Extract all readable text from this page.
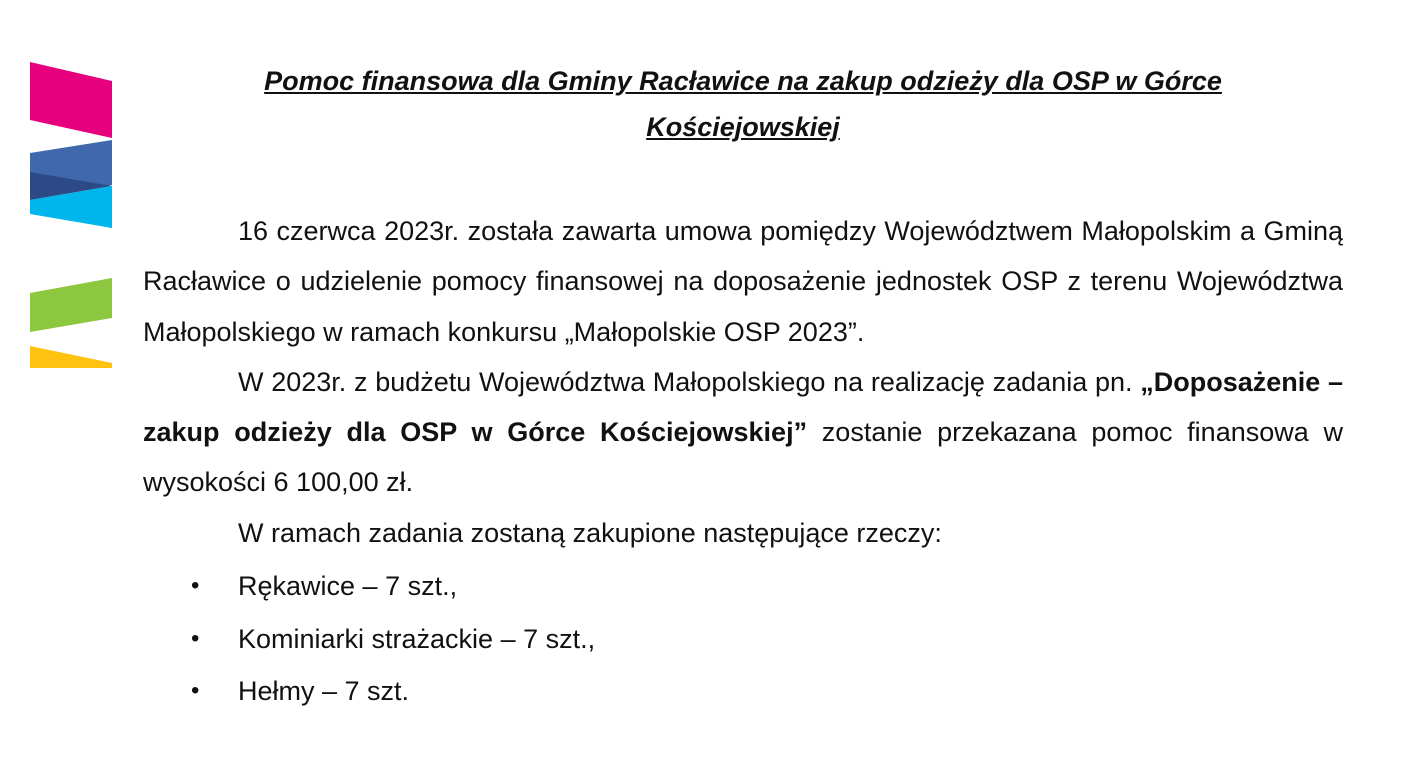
Pomoc finansowa dla Gminy Racławice na zakup odzieży dla OSP w Górce
Kościejowskiej

16 czerwca 2023r. została zawarta umowa pomiędzy Województwem Małopolskim a Gminą Racławice o udzielenie pomocy finansowej na doposażenie jednostek OSP z terenu Województwa Małopolskiego w ramach konkursu „Małopolskie OSP 2023”.

W 2023r. z budżetu Województwa Małopolskiego na realizację zadania pn. „Doposażenie – zakup odzieży dla OSP w Górce Kościejowskiej” zostanie przekazana pomoc finansowa w wysokości 6 100,00 zł.

W ramach zadania zostaną zakupione następujące rzeczy:

• Rękawice – 7 szt.,
• Kominiarki strażackie – 7 szt.,
• Hełmy – 7 szt.
